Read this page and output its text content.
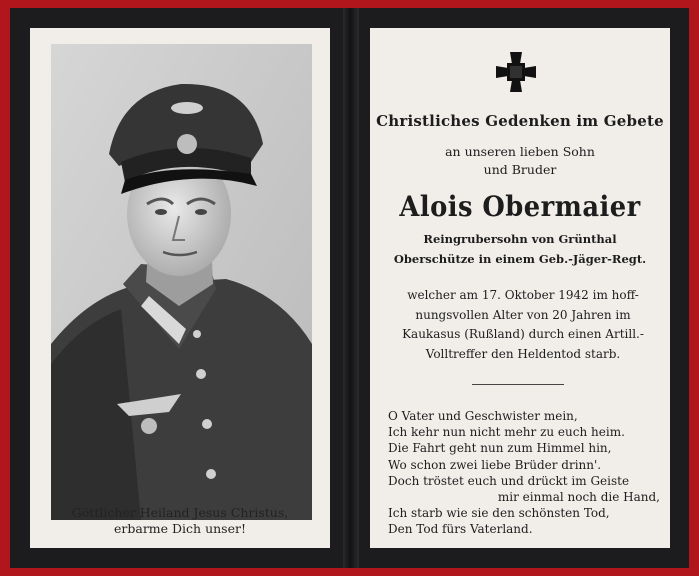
Göttlicher Heiland Jesus Christus,
erbarme Dich unser!
Christliches Gedenken im Gebete
an unseren lieben Sohn
und Bruder
Alois Obermaier
Reingrubersohn von Grünthal
Oberschütze in einem Geb.-Jäger-Regt.
welcher am 17. Oktober 1942 im hoff-
nungsvollen Alter von 20 Jahren im
Kaukasus (Rußland) durch einen Artill.-
Volltreffer den Heldentod starb.
O Vater und Geschwister mein,
Ich kehr nun nicht mehr zu euch heim.
Die Fahrt geht nun zum Himmel hin,
Wo schon zwei liebe Brüder drinn'.
Doch tröstet euch und drückt im Geiste
mir einmal noch die Hand,
Ich starb wie sie den schönsten Tod,
Den Tod fürs Vaterland.
